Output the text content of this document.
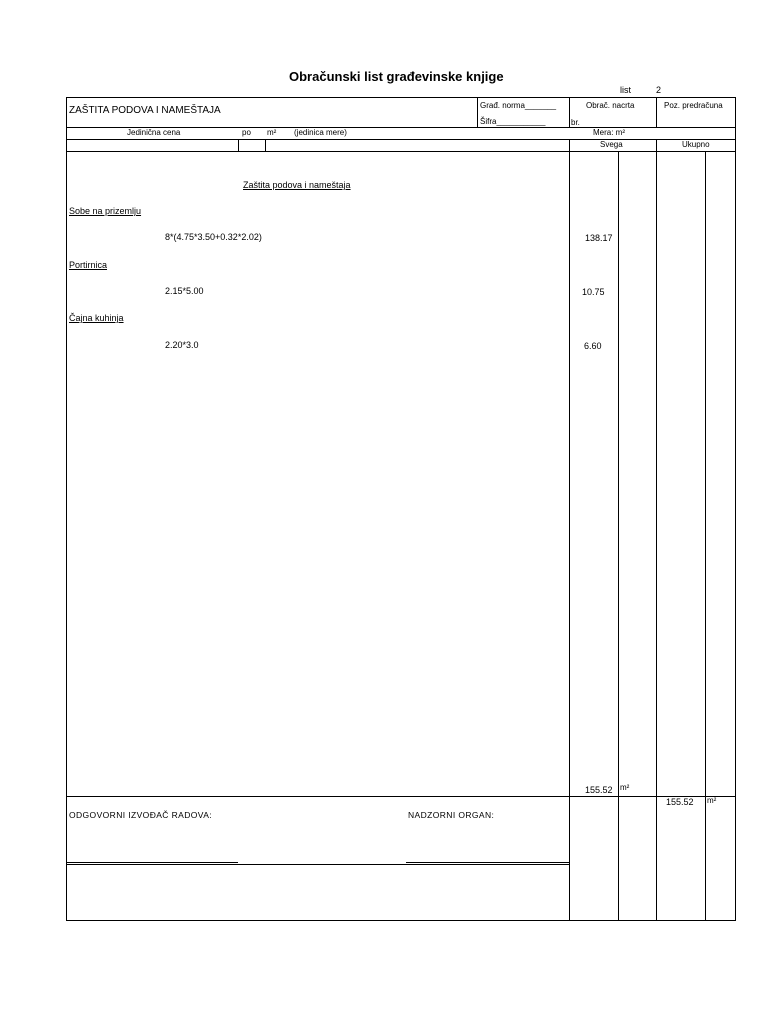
Obračunski list građevinske knjige
list	2
ZAŠTITA PODOVA I NAMEŠTAJA	Građ. norma_______
Šifra___________	br.
Obrač. nacrta	Poz. predračuna
Jedinična cena	po m² (jedinica mere)	Mera: m²
Svega	Ukupno
Zaštita podova i nameštaja
Sobe na prizemlju
8*(4.75*3.50+0.32*2.02)	138.17
Portirnica
2.15*5.00	10.75
Čajna kuhinja
2.20*3.0	6.60
155.52 m²
155.52 m²
ODGOVORNI IZVOĐAČ RADOVA:	NADZORNI ORGAN:
